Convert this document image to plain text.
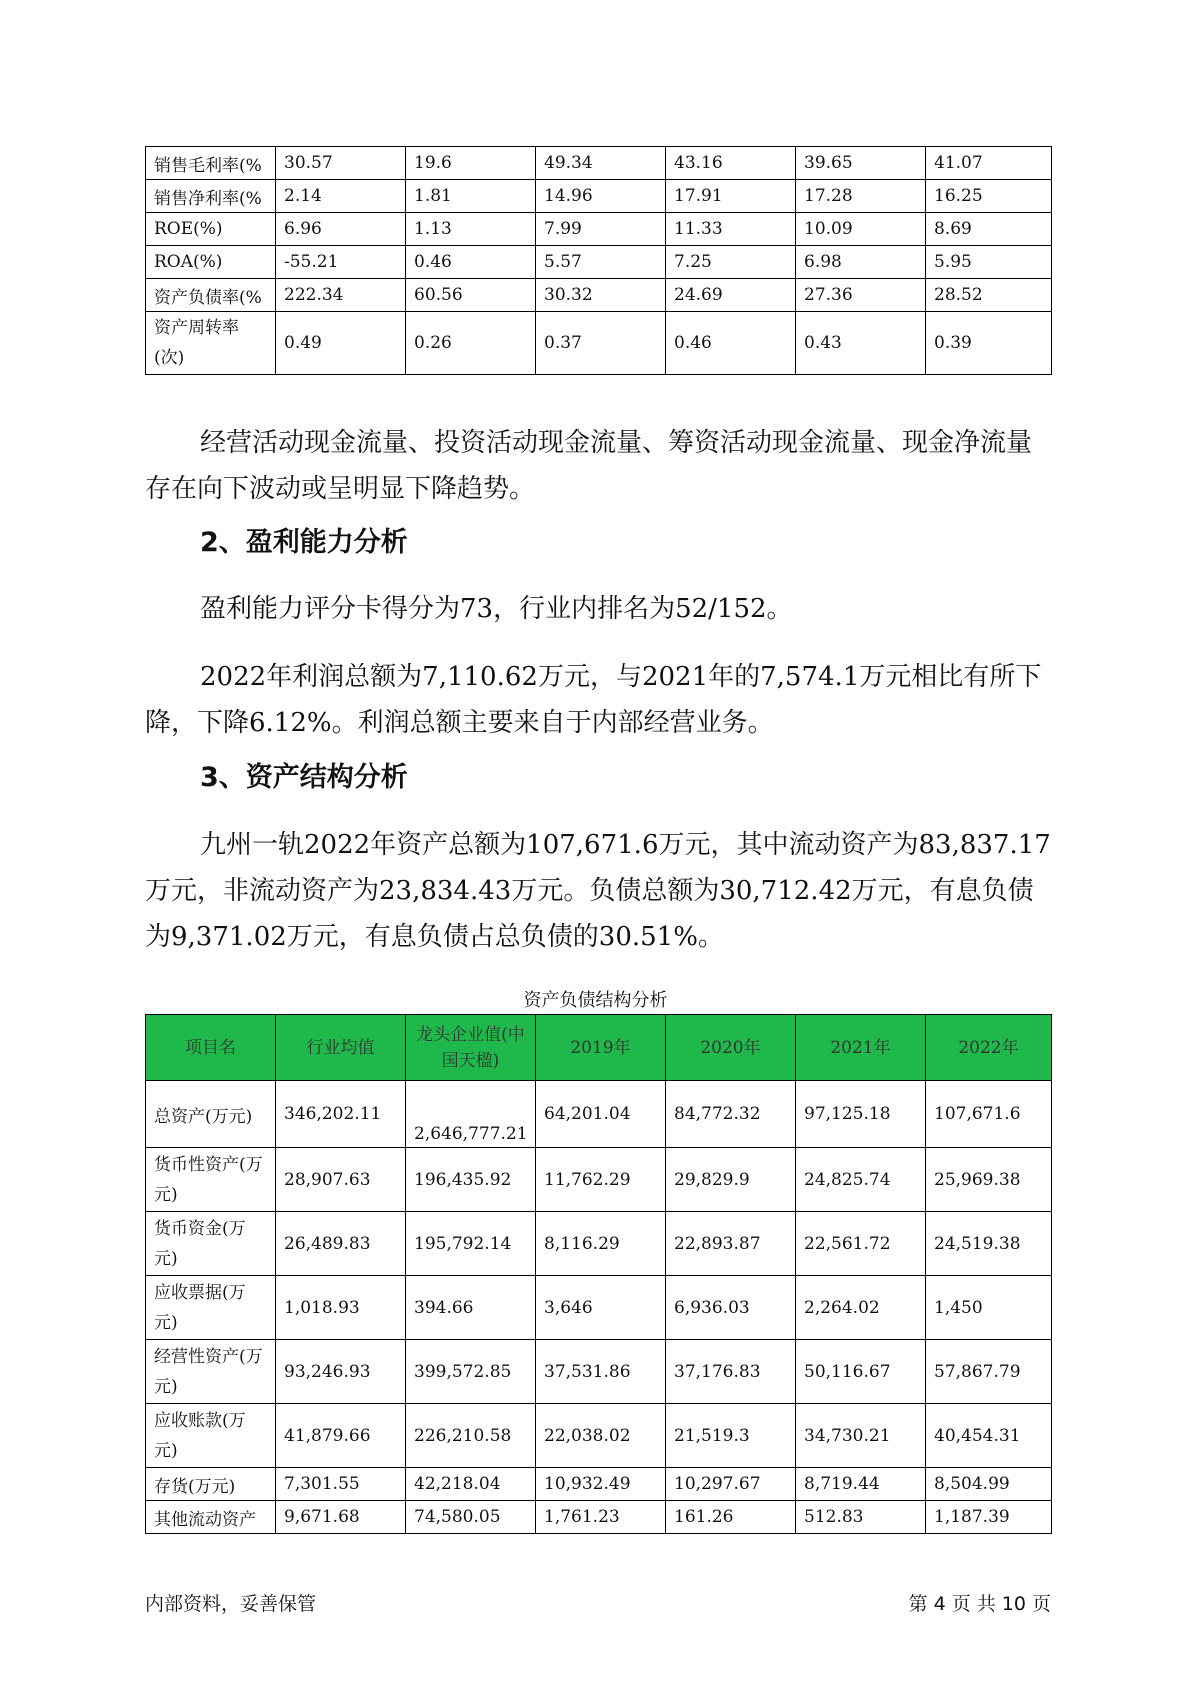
销售毛利率(%	30.57	19.6	49.34	43.16	39.65	41.07
销售净利率(%	2.14	1.81	14.96	17.91	17.28	16.25
ROE(%)	6.96	1.13	7.99	11.33	10.09	8.69
ROA(%)	-55.21	0.46	5.57	7.25	6.98	5.95
资产负债率(%	222.34	60.56	30.32	24.69	27.36	28.52
资产周转率(次)	0.49	0.26	0.37	0.46	0.43	0.39

经营活动现金流量、投资活动现金流量、筹资活动现金流量、现金净流量存在向下波动或呈明显下降趋势。

2、盈利能力分析

盈利能力评分卡得分为73，行业内排名为52/152。

2022年利润总额为7,110.62万元，与2021年的7,574.1万元相比有所下降，下降6.12%。利润总额主要来自于内部经营业务。

3、资产结构分析

九州一轨2022年资产总额为107,671.6万元，其中流动资产为83,837.17万元，非流动资产为23,834.43万元。负债总额为30,712.42万元，有息负债为9,371.02万元，有息负债占总负债的30.51%。

资产负债结构分析

项目名	行业均值	龙头企业值(中国天楹)	2019年	2020年	2021年	2022年
总资产(万元)	346,202.11	2,646,777.21	64,201.04	84,772.32	97,125.18	107,671.6
货币性资产(万元)	28,907.63	196,435.92	11,762.29	29,829.9	24,825.74	25,969.38
货币资金(万元)	26,489.83	195,792.14	8,116.29	22,893.87	22,561.72	24,519.38
应收票据(万元)	1,018.93	394.66	3,646	6,936.03	2,264.02	1,450
经营性资产(万元)	93,246.93	399,572.85	37,531.86	37,176.83	50,116.67	57,867.79
应收账款(万元)	41,879.66	226,210.58	22,038.02	21,519.3	34,730.21	40,454.31
存货(万元)	7,301.55	42,218.04	10,932.49	10,297.67	8,719.44	8,504.99
其他流动资产	9,671.68	74,580.05	1,761.23	161.26	512.83	1,187.39

内部资料，妥善保管	第 4 页 共 10 页
